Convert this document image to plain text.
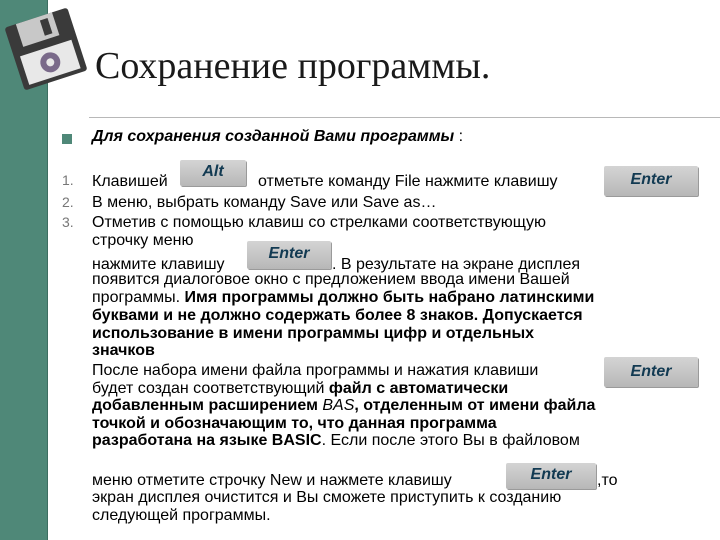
Сохранение программы.
Для сохранения созданной Вами программы :
1.
2.
3.
Alt	Enter
Enter
Enter
Enter
Клавишей	отметьте команду File нажмите клавишу
В меню, выбрать команду Save или Save as…
Отметив с помощью клавиш со стрелками соответствующую
строчку меню
нажмите клавишу	. В результате на экране дисплея
появится диалоговое окно с предложением ввода имени Вашей
программы. Имя программы должно быть набрано латинскими
буквами и не должно содержать более 8 знаков. Допускается
использование в имени программы цифр и отдельных
значков
После набора имени файла программы и нажатия клавиши
будет создан соответствующий файл с автоматически
добавленным расширением BAS, отделенным от имени файла
точкой и обозначающим то, что данная программа
разработана на языке BASIC. Если после этого Вы в файловом
меню отметите строчку New и нажмете клавишу	,то
экран дисплея очистится и Вы сможете приступить к созданию
следующей программы.
